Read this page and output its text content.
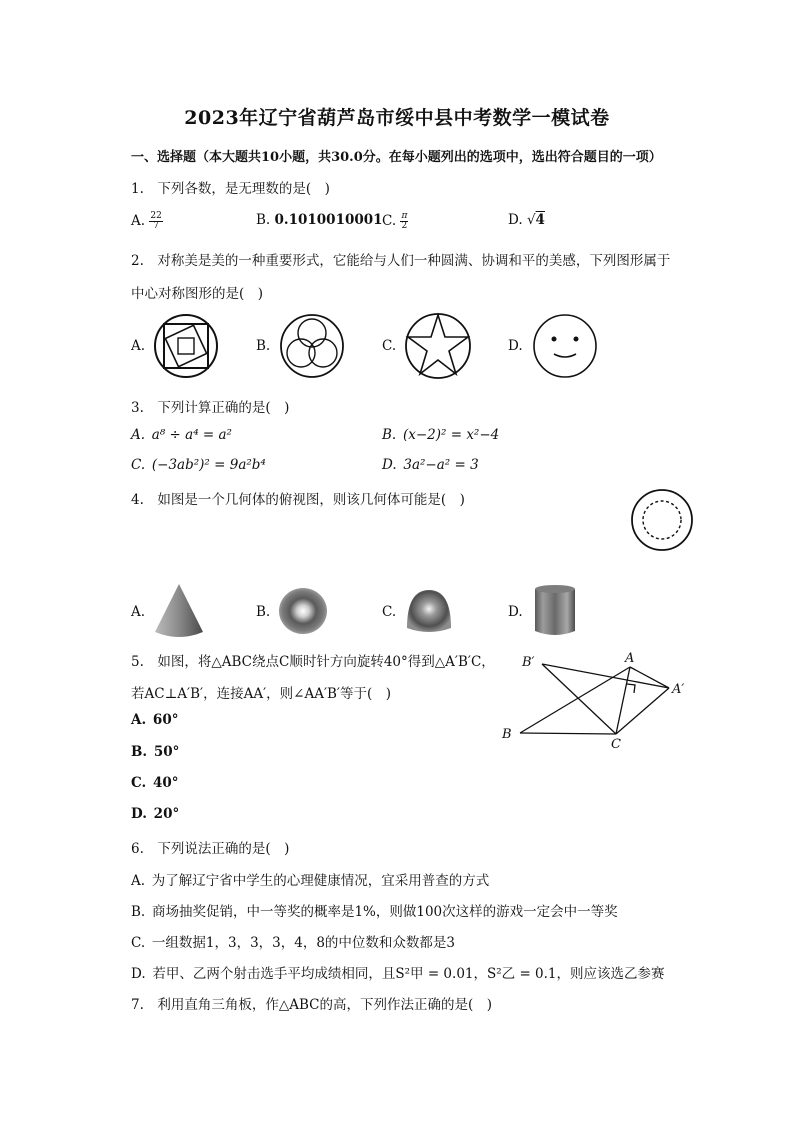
2023年辽宁省葫芦岛市绥中县中考数学一模试卷
一、选择题（本大题共10小题，共30.0分。在每小题列出的选项中，选出符合题目的一项）
1. 下列各数，是无理数的是( )
A. $\frac{22}{7}$	B. 0.1010010001 C. $\frac{\pi}{2}$	D. √4
2. 对称美是美的一种重要形式，它能给与人们一种圆满、协调和平的美感，下列图形属于
中心对称图形的是( )
A.	B.	C.	D.
3. 下列计算正确的是( )
A. a⁸ ÷ a⁴ = a²	B. (x−2)² = x²−4
C. (−3ab²)² = 9a²b⁴	D. 3a²−a² = 3
4. 如图是一个几何体的俯视图，则该几何体可能是( )
A.	B.	C.	D.
5. 如图，将△ABC绕点C顺时针方向旋转40°得到△A′B′C，
若AC⊥A′B′，连接AA′，则∠AA′B′等于( )
A. 60°
B. 50°
C. 40°
D. 20°
B′	A
A′
B
C
6. 下列说法正确的是( )
A. 为了解辽宁省中学生的心理健康情况，宜采用普查的方式
B. 商场抽奖促销，中一等奖的概率是1%，则做100次这样的游戏一定会中一等奖
C. 一组数据1，3，3，3，4，8的中位数和众数都是3
D. 若甲、乙两个射击选手平均成绩相同，且S²甲 = 0.01，S²乙 = 0.1，则应该选乙参赛
7. 利用直角三角板，作△ABC的高，下列作法正确的是( )
